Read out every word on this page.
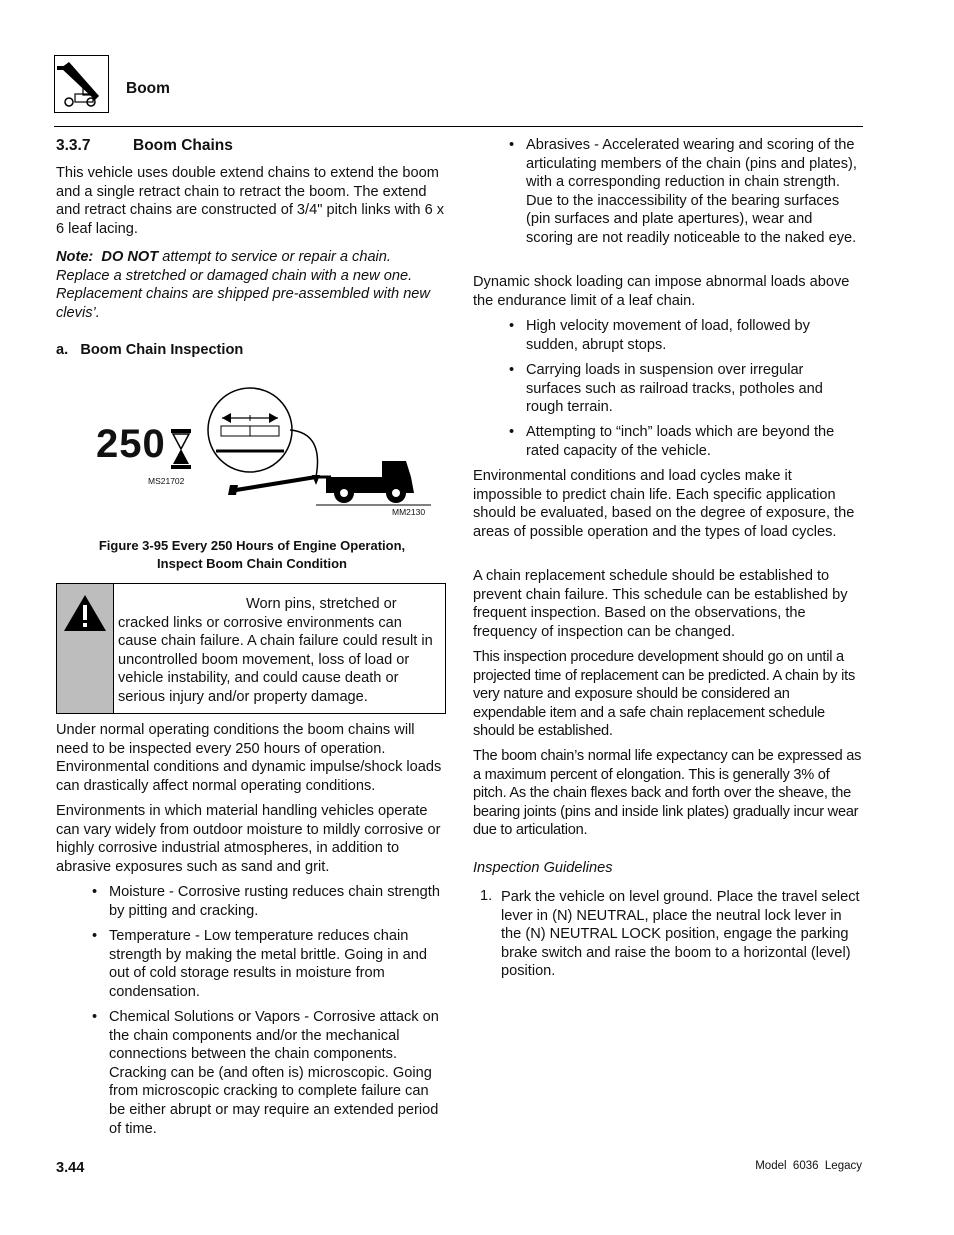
Boom
3.3.7	Boom Chains

This vehicle uses double extend chains to extend the boom and a single retract chain to retract the boom. The extend and retract chains are constructed of 3/4" pitch links with 6 x 6 leaf lacing.

Note: DO NOT attempt to service or repair a chain. Replace a stretched or damaged chain with a new one. Replacement chains are shipped pre-assembled with new clevis’.

a.   Boom Chain Inspection
250
MS21702
MM2130
Figure 3-95 Every 250 Hours of Engine Operation,
Inspect Boom Chain Condition

Worn pins, stretched or cracked links or corrosive environments can cause chain failure. A chain failure could result in uncontrolled boom movement, loss of load or vehicle instability, and could cause death or serious injury and/or property damage.

Under normal operating conditions the boom chains will need to be inspected every 250 hours of operation. Environmental conditions and dynamic impulse/shock loads can drastically affect normal operating conditions.

Environments in which material handling vehicles operate can vary widely from outdoor moisture to mildly corrosive or highly corrosive industrial atmospheres, in addition to abrasive exposures such as sand and grit.

• Moisture - Corrosive rusting reduces chain strength by pitting and cracking.
• Temperature - Low temperature reduces chain strength by making the metal brittle. Going in and out of cold storage results in moisture from condensation.
• Chemical Solutions or Vapors - Corrosive attack on the chain components and/or the mechanical connections between the chain components. Cracking can be (and often is) microscopic. Going from microscopic cracking to complete failure can be either abrupt or may require an extended period of time.
• Abrasives - Accelerated wearing and scoring of the articulating members of the chain (pins and plates), with a corresponding reduction in chain strength. Due to the inaccessibility of the bearing surfaces (pin surfaces and plate apertures), wear and scoring are not readily noticeable to the naked eye.

Dynamic shock loading can impose abnormal loads above the endurance limit of a leaf chain.

• High velocity movement of load, followed by sudden, abrupt stops.
• Carrying loads in suspension over irregular surfaces such as railroad tracks, potholes and rough terrain.
• Attempting to “inch” loads which are beyond the rated capacity of the vehicle.

Environmental conditions and load cycles make it impossible to predict chain life. Each specific application should be evaluated, based on the degree of exposure, the areas of possible operation and the types of load cycles.

A chain replacement schedule should be established to prevent chain failure. This schedule can be established by frequent inspection. Based on the observations, the frequency of inspection can be changed.

This inspection procedure development should go on until a projected time of replacement can be predicted. A chain by its very nature and exposure should be considered an expendable item and a safe chain replacement schedule should be established.

The boom chain’s normal life expectancy can be expressed as a maximum percent of elongation. This is generally 3% of pitch. As the chain flexes back and forth over the sheave, the bearing joints (pins and inside link plates) gradually incur wear due to articulation.

Inspection Guidelines
1. Park the vehicle on level ground. Place the travel select lever in (N) NEUTRAL, place the neutral lock lever in the (N) NEUTRAL LOCK position, engage the parking brake switch and raise the boom to a horizontal (level) position.

3.44	Model  6036  Legacy
